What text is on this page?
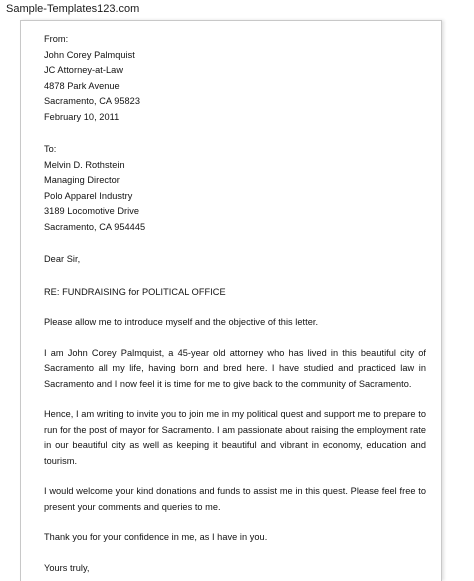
Sample-Templates123.com
From:
John Corey Palmquist
JC Attorney-at-Law
4878 Park Avenue
Sacramento, CA 95823
February 10, 2011
To:
Melvin D. Rothstein
Managing Director
Polo Apparel Industry
3189 Locomotive Drive
Sacramento, CA 954445

Dear Sir,

RE: FUNDRAISING for POLITICAL OFFICE

Please allow me to introduce myself and the objective of this letter.

I am John Corey Palmquist, a 45-year old attorney who has lived in this beautiful city of Sacramento all my life, having born and bred here. I have studied and practiced law in Sacramento and I now feel it is time for me to give back to the community of Sacramento.

Hence, I am writing to invite you to join me in my political quest and support me to prepare to run for the post of mayor for Sacramento. I am passionate about raising the employment rate in our beautiful city as well as keeping it beautiful and vibrant in economy, education and tourism.

I would welcome your kind donations and funds to assist me in this quest. Please feel free to present your comments and queries to me.

Thank you for your confidence in me, as I have in you.

Yours truly,
